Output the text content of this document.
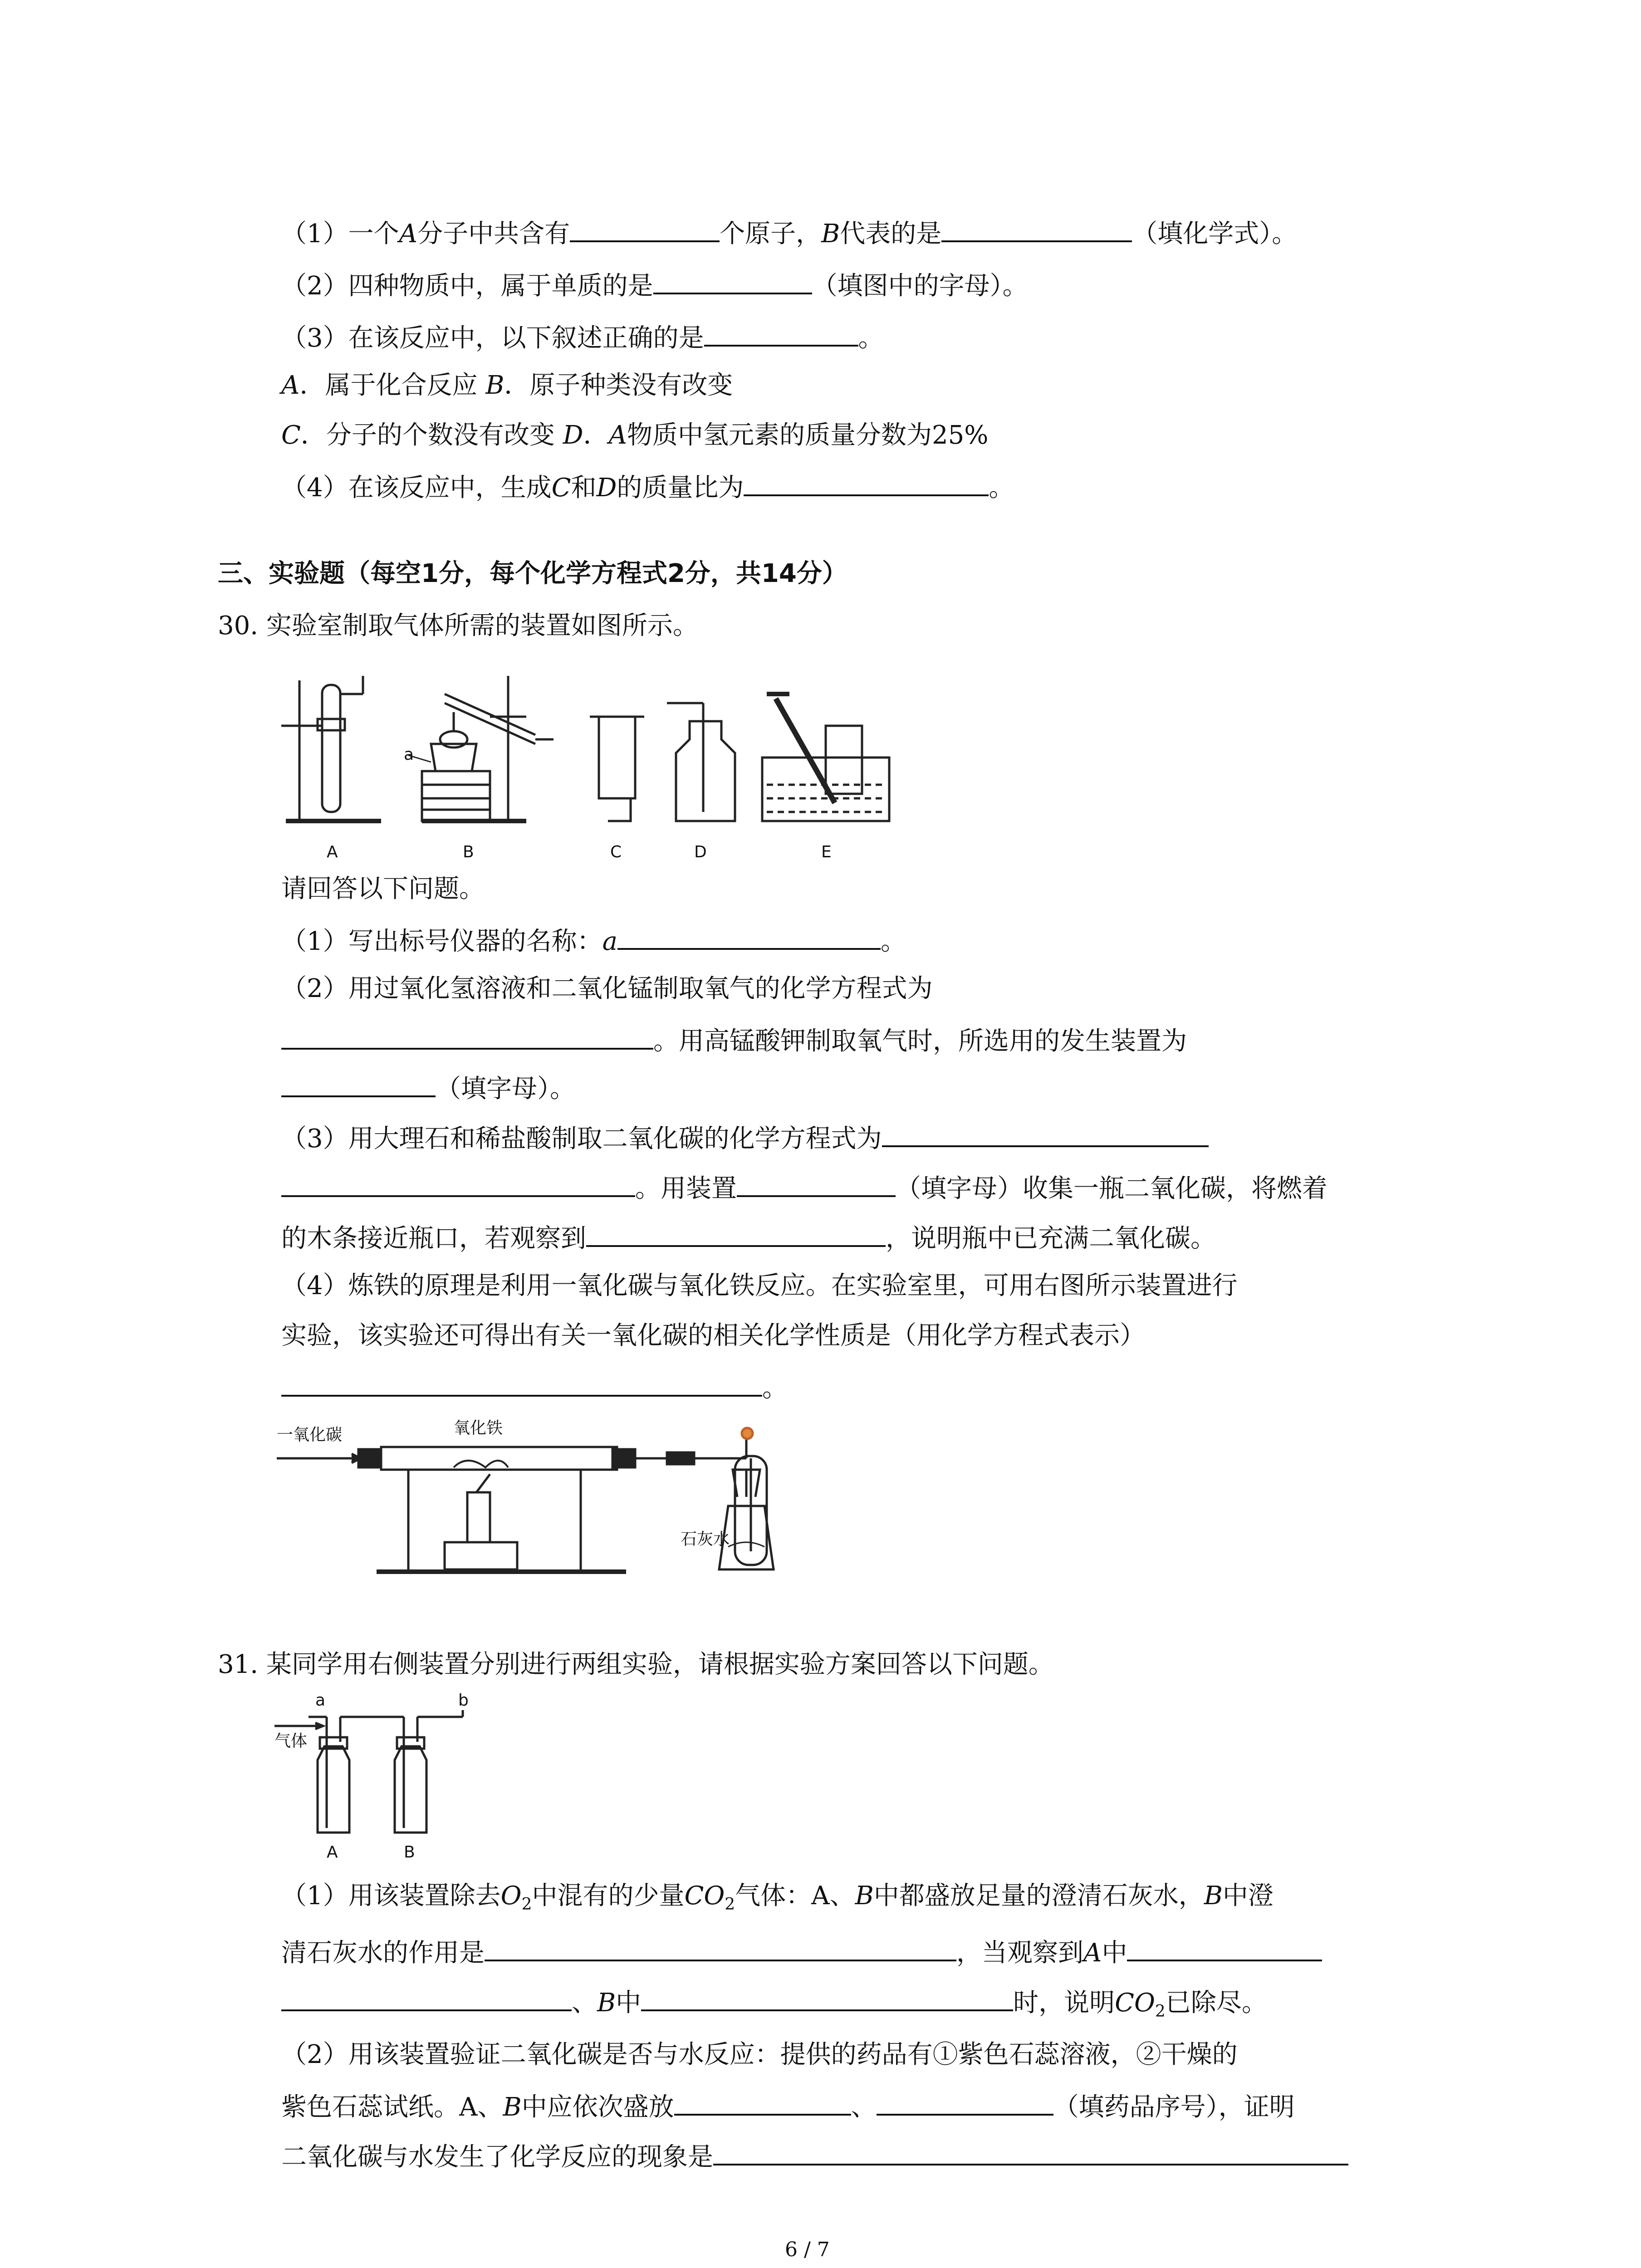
（1）一个A分子中共含有	个原子，B代表的是	（填化学式）。
（2）四种物质中，属于单质的是	（填图中的字母）。
（3）在该反应中，以下叙述正确的是	。
A．属于化合反应 B．原子种类没有改变
C．分子的个数没有改变 D．A物质中氢元素的质量分数为25%
（4）在该反应中，生成C和D的质量比为	。
三、实验题（每空1分，每个化学方程式2分，共14分）
30. 实验室制取气体所需的装置如图所示。
a
A	B	C	D	E
请回答以下问题。
（1）写出标号仪器的名称：a	。
（2）用过氧化氢溶液和二氧化锰制取氧气的化学方程式为
。用高锰酸钾制取氧气时，所选用的发生装置为
（填字母）。
（3）用大理石和稀盐酸制取二氧化碳的化学方程式为
。用装置	（填字母）收集一瓶二氧化碳，将燃着
的木条接近瓶口，若观察到	，说明瓶中已充满二氧化碳。
（4）炼铁的原理是利用一氧化碳与氧化铁反应。在实验室里，可用右图所示装置进行
实验，该实验还可得出有关一氧化碳的相关化学性质是（用化学方程式表示）
。
一氧化碳	氧化铁
石灰水
31. 某同学用右侧装置分别进行两组实验，请根据实验方案回答以下问题。
a	b
气体
A	B
（1）用该装置除去$O_2$中混有的少量$CO_2$气体：A、B中都盛放足量的澄清石灰水，B中澄
清石灰水的作用是	，当观察到A中
、B中	时，说明$CO_2$已除尽。
（2）用该装置验证二氧化碳是否与水反应：提供的药品有①紫色石蕊溶液，②干燥的
紫色石蕊试纸。A、B中应依次盛放	、	（填药品序号），证明
二氧化碳与水发生了化学反应的现象是
6 / 7
